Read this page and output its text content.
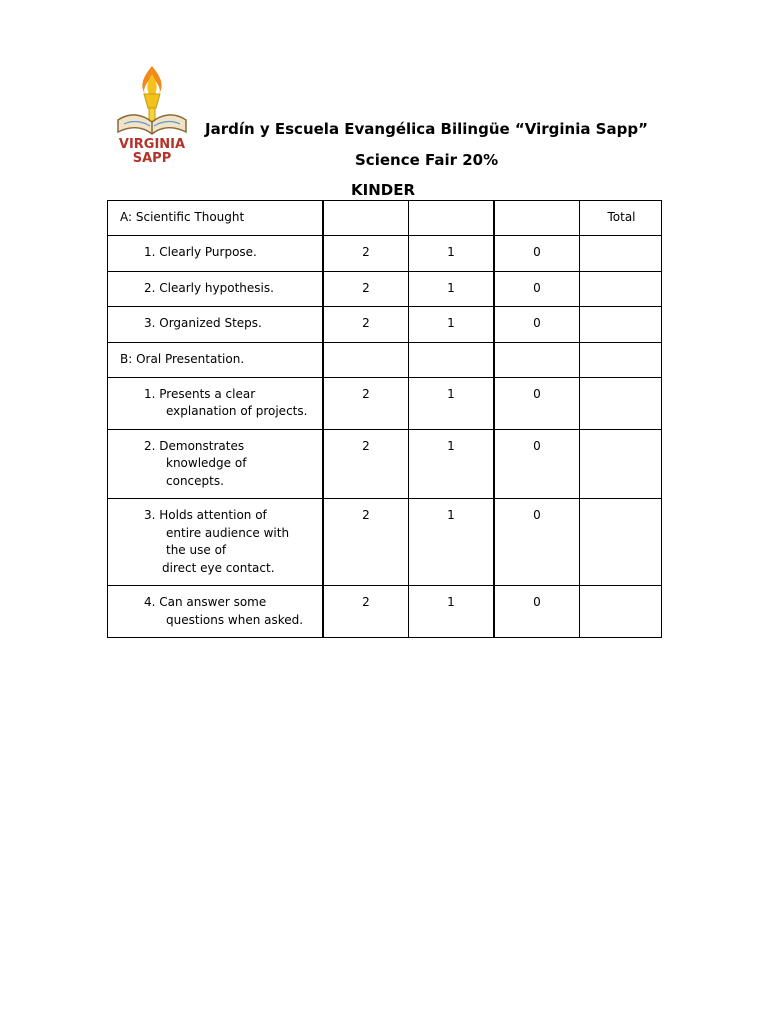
VIRGINIA
SAPP
Jardín y Escuela Evangélica Bilingüe “Virginia Sapp”
Science Fair 20%
KINDER
A: Scientific Thought				Total

1. Clearly Purpose.	2	1	0	

2. Clearly hypothesis.	2	1	0	

3. Organized Steps.	2	1	0	

B: Oral Presentation.				

1. Presents a clear
explanation of projects.	2	1	0	

2. Demonstrates
knowledge of
concepts.	2	1	0	

3. Holds attention of
entire audience with
the use of
direct eye contact.	2	1	0	

4. Can answer some
questions when asked.	2	1	0	
